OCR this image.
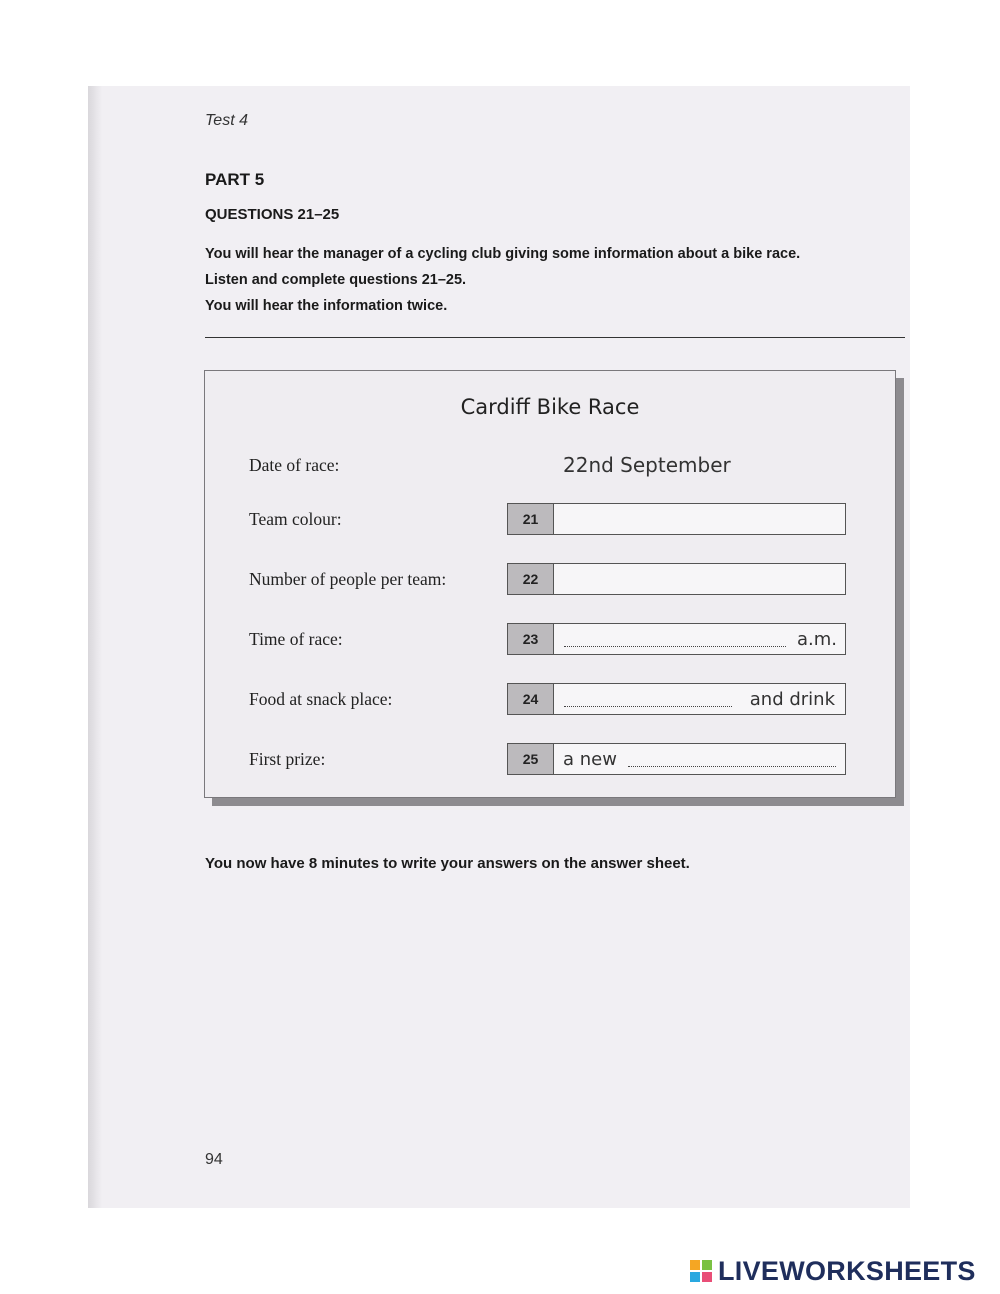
Test 4
PART 5
QUESTIONS 21–25
You will hear the manager of a cycling club giving some information about a bike race.
Listen and complete questions 21–25.
You will hear the information twice.
Cardiff Bike Race
Date of race:	22nd September
Team colour:	21
Number of people per team:	22
Time of race:	23	a.m.
Food at snack place:	24	and drink
First prize:	25	a new
You now have 8 minutes to write your answers on the answer sheet.
94
LIVEWORKSHEETS
